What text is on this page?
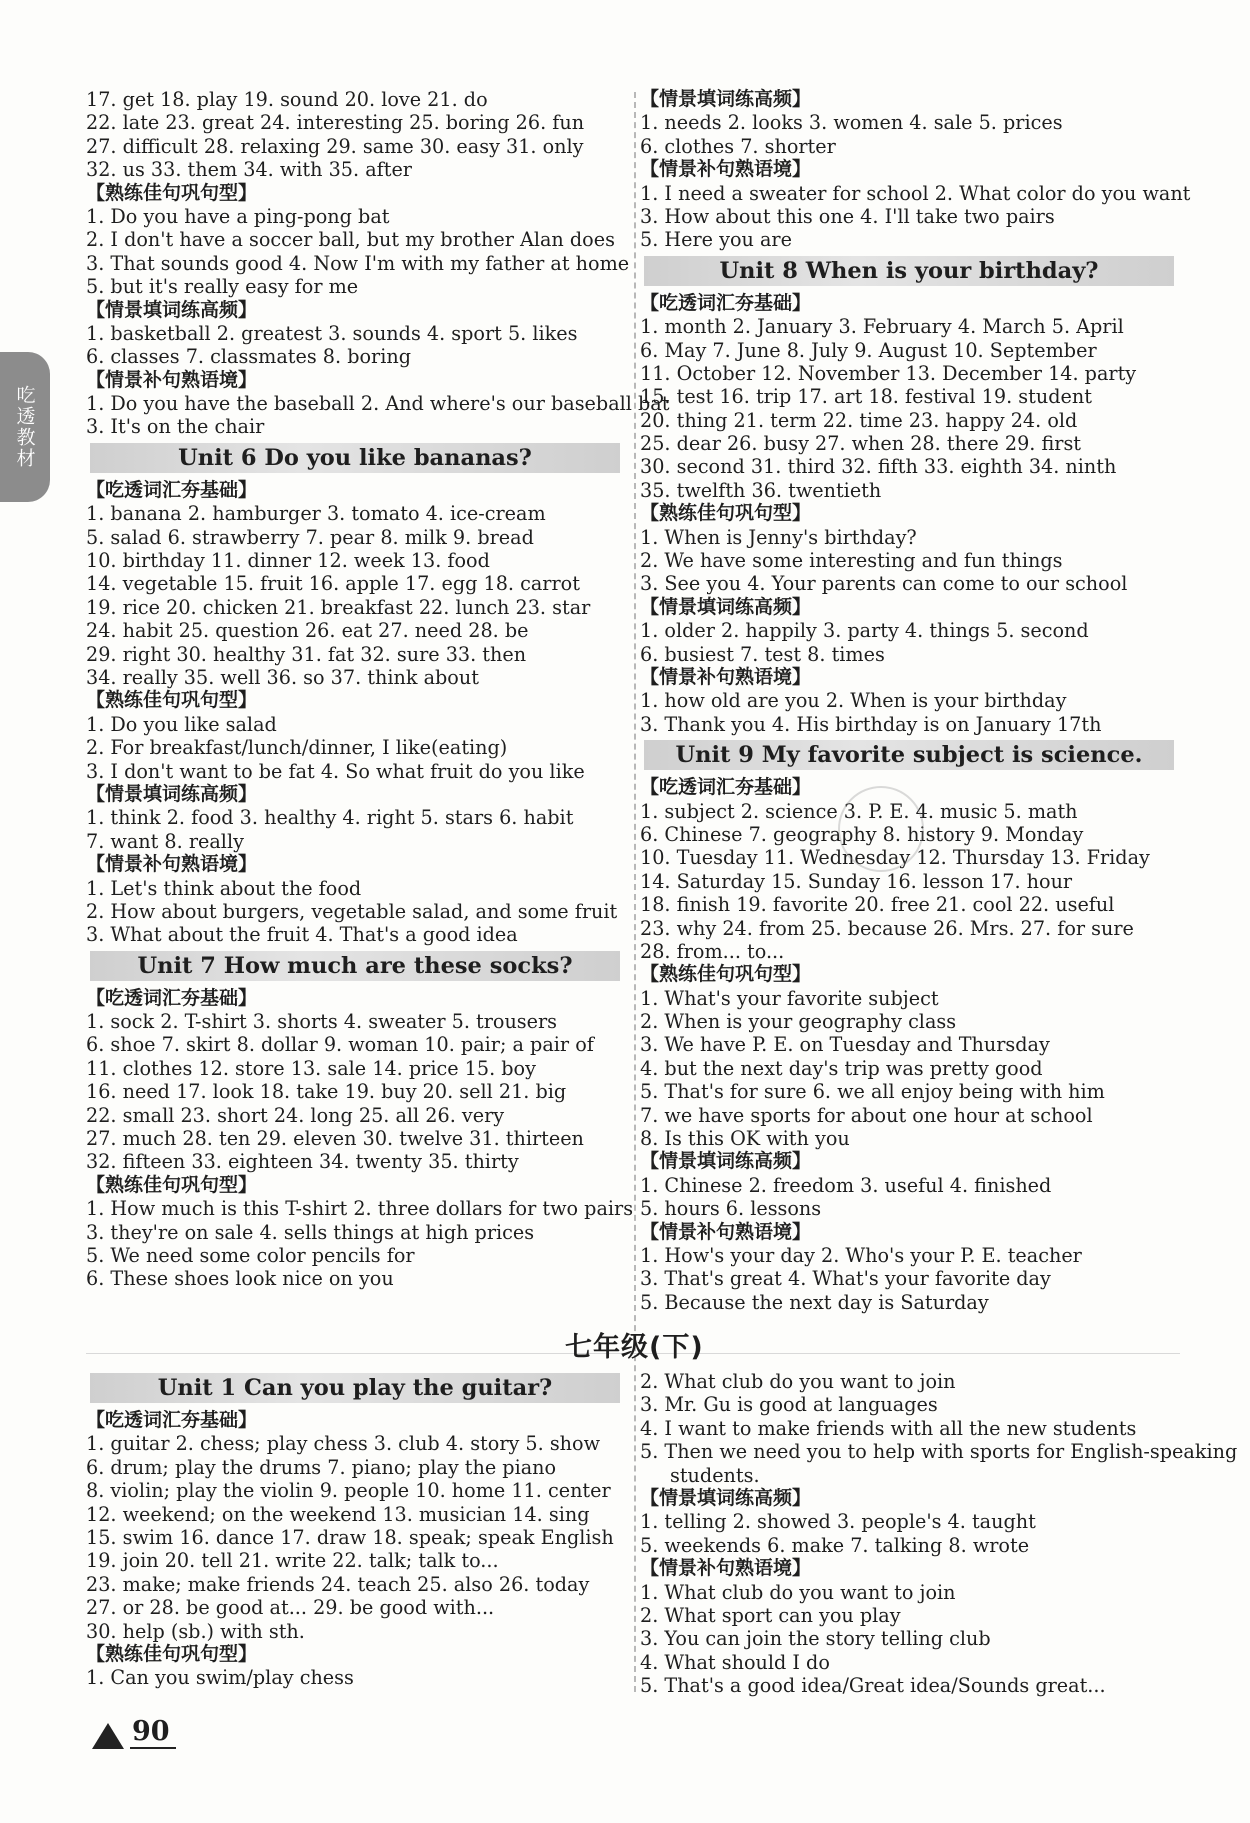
吃透教材
17. get 18. play 19. sound 20. love 21. do
22. late 23. great 24. interesting 25. boring 26. fun
27. difficult 28. relaxing 29. same 30. easy 31. only
32. us 33. them 34. with 35. after
【熟练佳句巩句型】
1. Do you have a ping-pong bat
2. I don't have a soccer ball, but my brother Alan does
3. That sounds good 4. Now I'm with my father at home
5. but it's really easy for me
【情景填词练高频】
1. basketball 2. greatest 3. sounds 4. sport 5. likes
6. classes 7. classmates 8. boring
【情景补句熟语境】
1. Do you have the baseball 2. And where's our baseball bat
3. It's on the chair
Unit 6 Do you like bananas?
【吃透词汇夯基础】
1. banana 2. hamburger 3. tomato 4. ice-cream
5. salad 6. strawberry 7. pear 8. milk 9. bread
10. birthday 11. dinner 12. week 13. food
14. vegetable 15. fruit 16. apple 17. egg 18. carrot
19. rice 20. chicken 21. breakfast 22. lunch 23. star
24. habit 25. question 26. eat 27. need 28. be
29. right 30. healthy 31. fat 32. sure 33. then
34. really 35. well 36. so 37. think about
【熟练佳句巩句型】
1. Do you like salad
2. For breakfast/lunch/dinner, I like(eating)
3. I don't want to be fat 4. So what fruit do you like
【情景填词练高频】
1. think 2. food 3. healthy 4. right 5. stars 6. habit
7. want 8. really
【情景补句熟语境】
1. Let's think about the food
2. How about burgers, vegetable salad, and some fruit
3. What about the fruit 4. That's a good idea
Unit 7 How much are these socks?
【吃透词汇夯基础】
1. sock 2. T-shirt 3. shorts 4. sweater 5. trousers
6. shoe 7. skirt 8. dollar 9. woman 10. pair; a pair of
11. clothes 12. store 13. sale 14. price 15. boy
16. need 17. look 18. take 19. buy 20. sell 21. big
22. small 23. short 24. long 25. all 26. very
27. much 28. ten 29. eleven 30. twelve 31. thirteen
32. fifteen 33. eighteen 34. twenty 35. thirty
【熟练佳句巩句型】
1. How much is this T-shirt 2. three dollars for two pairs
3. they're on sale 4. sells things at high prices
5. We need some color pencils for
6. These shoes look nice on you
【情景填词练高频】
1. needs 2. looks 3. women 4. sale 5. prices
6. clothes 7. shorter
【情景补句熟语境】
1. I need a sweater for school 2. What color do you want
3. How about this one 4. I'll take two pairs
5. Here you are
Unit 8 When is your birthday?
【吃透词汇夯基础】
1. month 2. January 3. February 4. March 5. April
6. May 7. June 8. July 9. August 10. September
11. October 12. November 13. December 14. party
15. test 16. trip 17. art 18. festival 19. student
20. thing 21. term 22. time 23. happy 24. old
25. dear 26. busy 27. when 28. there 29. first
30. second 31. third 32. fifth 33. eighth 34. ninth
35. twelfth 36. twentieth
【熟练佳句巩句型】
1. When is Jenny's birthday?
2. We have some interesting and fun things
3. See you 4. Your parents can come to our school
【情景填词练高频】
1. older 2. happily 3. party 4. things 5. second
6. busiest 7. test 8. times
【情景补句熟语境】
1. how old are you 2. When is your birthday
3. Thank you 4. His birthday is on January 17th
Unit 9 My favorite subject is science.
【吃透词汇夯基础】
1. subject 2. science 3. P. E. 4. music 5. math
6. Chinese 7. geography 8. history 9. Monday
10. Tuesday 11. Wednesday 12. Thursday 13. Friday
14. Saturday 15. Sunday 16. lesson 17. hour
18. finish 19. favorite 20. free 21. cool 22. useful
23. why 24. from 25. because 26. Mrs. 27. for sure
28. from... to...
【熟练佳句巩句型】
1. What's your favorite subject
2. When is your geography class
3. We have P. E. on Tuesday and Thursday
4. but the next day's trip was pretty good
5. That's for sure 6. we all enjoy being with him
7. we have sports for about one hour at school
8. Is this OK with you
【情景填词练高频】
1. Chinese 2. freedom 3. useful 4. finished
5. hours 6. lessons
【情景补句熟语境】
1. How's your day 2. Who's your P. E. teacher
3. That's great 4. What's your favorite day
5. Because the next day is Saturday
七年级(下)
Unit 1 Can you play the guitar?
【吃透词汇夯基础】
1. guitar 2. chess; play chess 3. club 4. story 5. show
6. drum; play the drums 7. piano; play the piano
8. violin; play the violin 9. people 10. home 11. center
12. weekend; on the weekend 13. musician 14. sing
15. swim 16. dance 17. draw 18. speak; speak English
19. join 20. tell 21. write 22. talk; talk to...
23. make; make friends 24. teach 25. also 26. today
27. or 28. be good at... 29. be good with...
30. help (sb.) with sth.
【熟练佳句巩句型】
1. Can you swim/play chess
2. What club do you want to join
3. Mr. Gu is good at languages
4. I want to make friends with all the new students
5. Then we need you to help with sports for English-speaking
students.
【情景填词练高频】
1. telling 2. showed 3. people's 4. taught
5. weekends 6. make 7. talking 8. wrote
【情景补句熟语境】
1. What club do you want to join
2. What sport can you play
3. You can join the story telling club
4. What should I do
5. That's a good idea/Great idea/Sounds great...
90
